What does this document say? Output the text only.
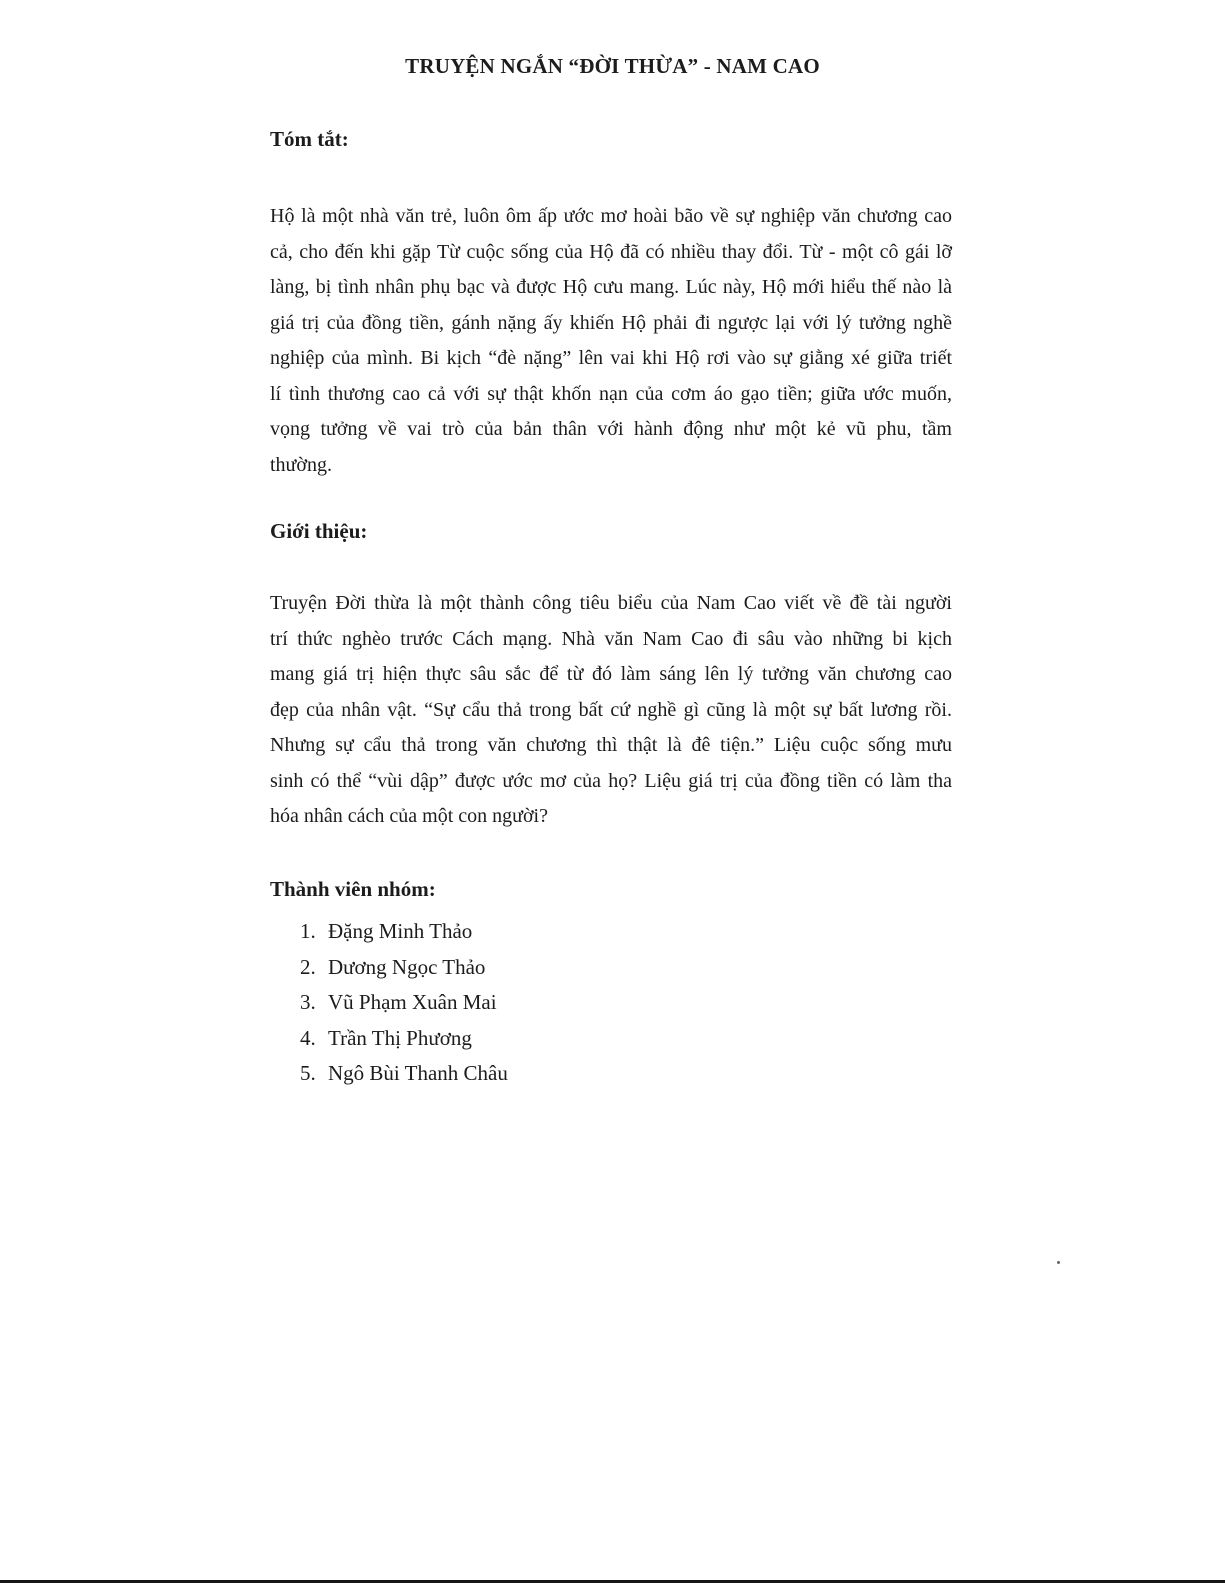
TRUYỆN NGẮN “ĐỜI THỪA” - NAM CAO
Tóm tắt:
Hộ là một nhà văn trẻ, luôn ôm ấp ước mơ hoài bão về sự nghiệp văn chương cao
cả, cho đến khi gặp Từ cuộc sống của Hộ đã có nhiều thay đổi. Từ - một cô gái lỡ
làng, bị tình nhân phụ bạc và được Hộ cưu mang. Lúc này, Hộ mới hiểu thế nào là
giá trị của đồng tiền, gánh nặng ấy khiến Hộ phải đi ngược lại với lý tưởng nghề
nghiệp của mình. Bi kịch “đè nặng” lên vai khi Hộ rơi vào sự giằng xé giữa triết
lí tình thương cao cả với sự thật khốn nạn của cơm áo gạo tiền; giữa ước muốn,
vọng tưởng về vai trò của bản thân với hành động như một kẻ vũ phu, tầm
thường.
Giới thiệu:
Truyện Đời thừa là một thành công tiêu biểu của Nam Cao viết về đề tài người
trí thức nghèo trước Cách mạng. Nhà văn Nam Cao đi sâu vào những bi kịch
mang giá trị hiện thực sâu sắc để từ đó làm sáng lên lý tưởng văn chương cao
đẹp của nhân vật. “Sự cẩu thả trong bất cứ nghề gì cũng là một sự bất lương rồi.
Nhưng sự cẩu thả trong văn chương thì thật là đê tiện.” Liệu cuộc sống mưu
sinh có thể “vùi dập” được ước mơ của họ? Liệu giá trị của đồng tiền có làm tha
hóa nhân cách của một con người?
Thành viên nhóm:
1. Đặng Minh Thảo
2. Dương Ngọc Thảo
3. Vũ Phạm Xuân Mai
4. Trần Thị Phương
5. Ngô Bùi Thanh Châu
